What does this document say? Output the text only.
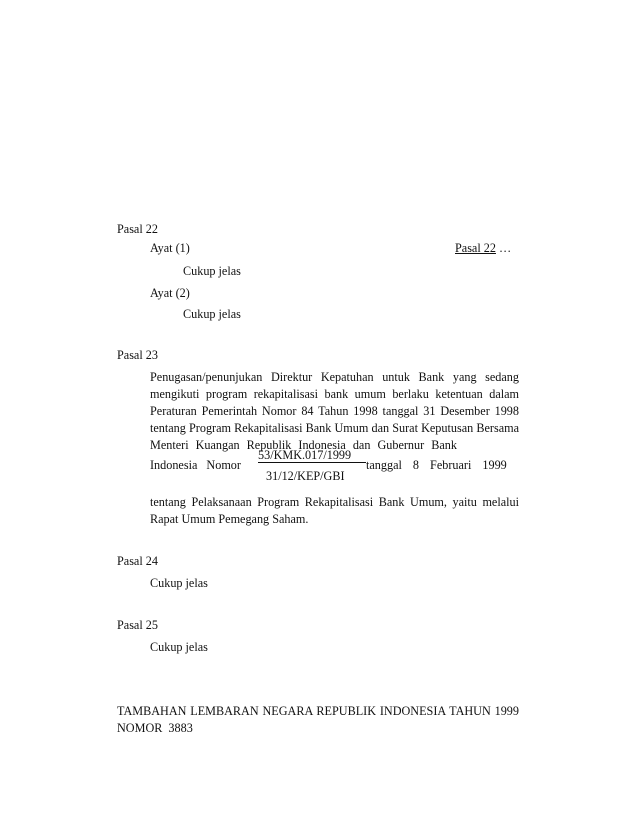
Pasal 22
Ayat (1)	Pasal 22 …
Cukup jelas
Ayat (2)
Cukup jelas
Pasal 23
Penugasan/penunjukan Direktur Kepatuhan untuk Bank yang sedang
mengikuti program rekapitalisasi bank umum berlaku ketentuan dalam
Peraturan Pemerintah Nomor 84 Tahun 1998 tanggal 31 Desember 1998
tentang Program Rekapitalisasi Bank Umum dan Surat Keputusan Bersama
Menteri Kuangan Republik Indonesia dan Gubernur Bank
53/KMK.017/1999
Indonesia Nomor	tanggal 8 Februari 1999
31/12/KEP/GBI
tentang Pelaksanaan Program Rekapitalisasi Bank Umum, yaitu melalui
Rapat Umum Pemegang Saham.
Pasal 24
Cukup jelas
Pasal 25
Cukup jelas
TAMBAHAN LEMBARAN NEGARA REPUBLIK INDONESIA TAHUN 1999
NOMOR 3883
